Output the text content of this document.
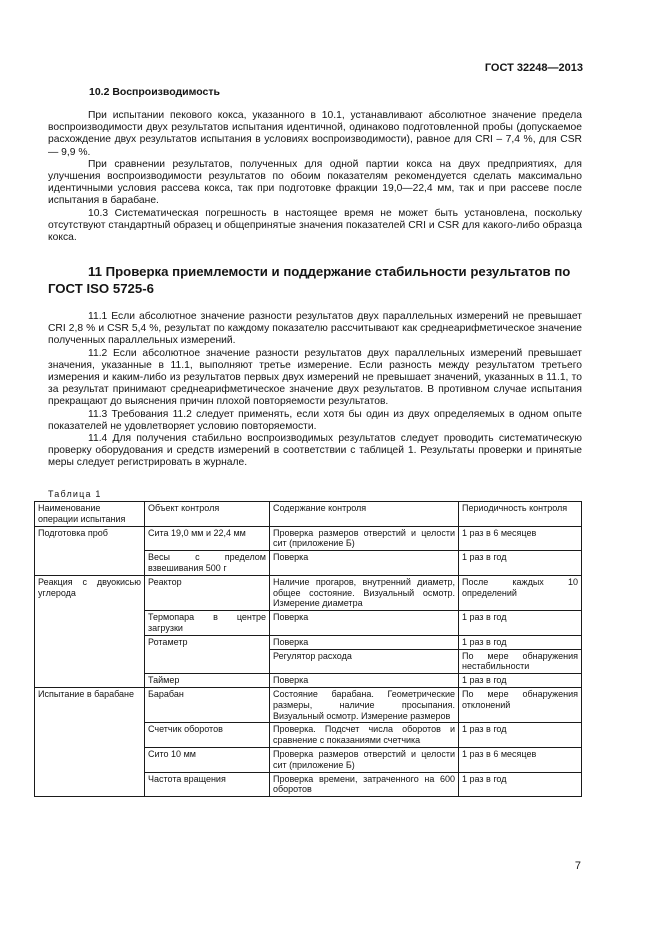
ГОСТ 32248—2013
10.2 Воспроизводимость

При испытании пекового кокса, указанного в 10.1, устанавливают абсолютное значение предела воспроизводимости двух результатов испытания идентичной, одинаково подготовленной пробы (допускаемое расхождение двух результатов испытания в условиях воспроизводимости), равное для CRI – 7,4 %, для CSR — 9,9 %.

При сравнении результатов, полученных для одной партии кокса на двух предприятиях, для улучшения воспроизводимости результатов по обоим показателям рекомендуется сделать максимально идентичными условия рассева кокса, так при подготовке фракции 19,0—22,4 мм, так и при рассеве после испытания в барабане.

10.3 Систематическая погрешность в настоящее время не может быть установлена, поскольку отсутствуют стандартный образец и общепринятые значения показателей CRI и CSR для какого-либо образца кокса.

11 Проверка приемлемости и поддержание стабильности результатов по ГОСТ ISO 5725-6

11.1 Если абсолютное значение разности результатов двух параллельных измерений не превышает CRI 2,8 % и CSR 5,4 %, результат по каждому показателю рассчитывают как среднеарифметическое значение полученных параллельных измерений.

11.2 Если абсолютное значение разности результатов двух параллельных измерений превышает значения, указанные в 11.1, выполняют третье измерение. Если разность между результатом третьего измерения и каким-либо из результатов первых двух измерений не превышает значений, указанных в 11.1, то за результат принимают среднеарифметическое значение двух результатов. В противном случае испытания прекращают до выяснения причин плохой повторяемости результатов.

11.3 Требования 11.2 следует применять, если хотя бы один из двух определяемых в одном опыте показателей не удовлетворяет условию повторяемости.

11.4 Для получения стабильно воспроизводимых результатов следует проводить систематическую проверку оборудования и средств измерений в соответствии с таблицей 1. Результаты проверки и принятые меры следует регистрировать в журнале.

Таблица 1
Наименование операции испытания	Объект контроля	Содержание контроля	Периодичность контроля
Подготовка проб	Сита 19,0 мм и 22,4 мм	Проверка размеров отверстий и целости сит (приложение Б)	1 раз в 6 месяцев
	Весы с пределом взвешивания 500 г	Поверка	1 раз в год
Реакция с двуокисью углерода	Реактор	Наличие прогаров, внутренний диаметр, общее состояние. Визуальный осмотр. Измерение диаметра	После каждых 10 определений
	Термопара в центре загрузки	Поверка	1 раз в год
	Ротаметр	Поверка	1 раз в год
		Регулятор расхода	По мере обнаружения нестабильности
	Таймер	Поверка	1 раз в год
Испытание в барабане	Барабан	Состояние барабана. Геометрические размеры, наличие просыпания. Визуальный осмотр. Измерение размеров	По мере обнаружения отклонений
	Счетчик оборотов	Проверка. Подсчет числа оборотов и сравнение с показаниями счетчика	1 раз в год
	Сито 10 мм	Проверка размеров отверстий и целости сит (приложение Б)	1 раз в 6 месяцев
	Частота вращения	Проверка времени, затраченного на 600 оборотов	1 раз в год
7
